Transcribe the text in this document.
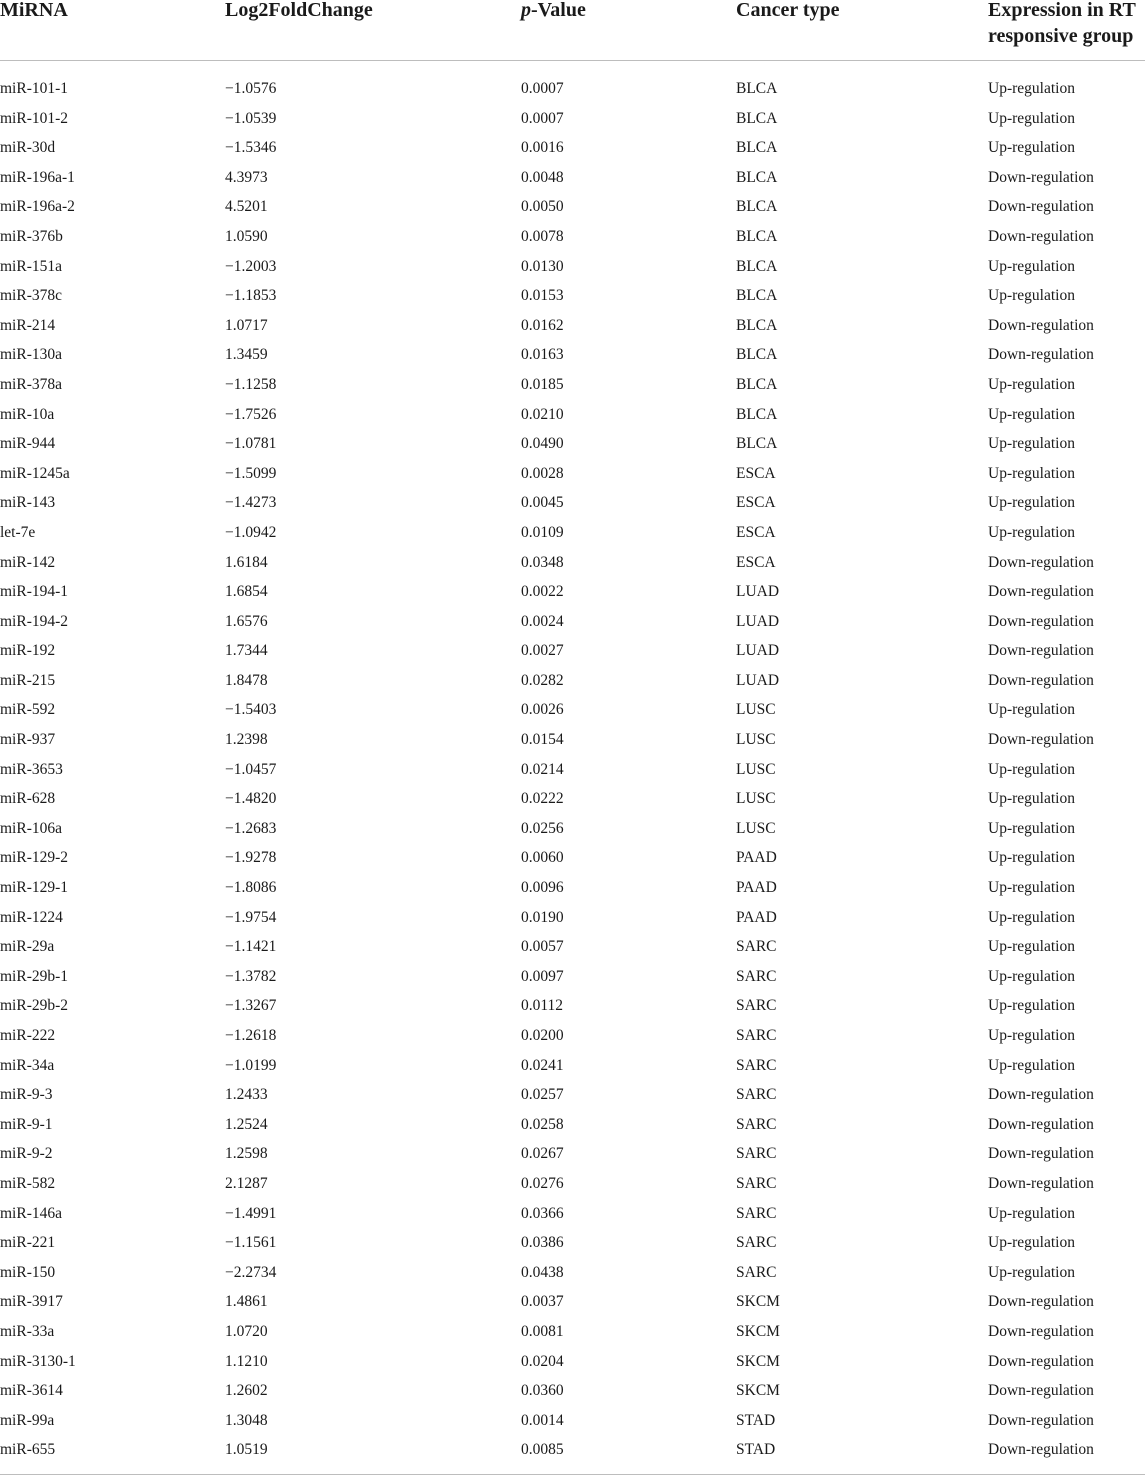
MiRNA	Log2FoldChange	p-Value	Cancer type	Expression in RT
responsive group
miR-101-1	−1.0576	0.0007	BLCA	Up-regulation
miR-101-2	−1.0539	0.0007	BLCA	Up-regulation
miR-30d	−1.5346	0.0016	BLCA	Up-regulation
miR-196a-1	4.3973	0.0048	BLCA	Down-regulation
miR-196a-2	4.5201	0.0050	BLCA	Down-regulation
miR-376b	1.0590	0.0078	BLCA	Down-regulation
miR-151a	−1.2003	0.0130	BLCA	Up-regulation
miR-378c	−1.1853	0.0153	BLCA	Up-regulation
miR-214	1.0717	0.0162	BLCA	Down-regulation
miR-130a	1.3459	0.0163	BLCA	Down-regulation
miR-378a	−1.1258	0.0185	BLCA	Up-regulation
miR-10a	−1.7526	0.0210	BLCA	Up-regulation
miR-944	−1.0781	0.0490	BLCA	Up-regulation
miR-1245a	−1.5099	0.0028	ESCA	Up-regulation
miR-143	−1.4273	0.0045	ESCA	Up-regulation
let-7e	−1.0942	0.0109	ESCA	Up-regulation
miR-142	1.6184	0.0348	ESCA	Down-regulation
miR-194-1	1.6854	0.0022	LUAD	Down-regulation
miR-194-2	1.6576	0.0024	LUAD	Down-regulation
miR-192	1.7344	0.0027	LUAD	Down-regulation
miR-215	1.8478	0.0282	LUAD	Down-regulation
miR-592	−1.5403	0.0026	LUSC	Up-regulation
miR-937	1.2398	0.0154	LUSC	Down-regulation
miR-3653	−1.0457	0.0214	LUSC	Up-regulation
miR-628	−1.4820	0.0222	LUSC	Up-regulation
miR-106a	−1.2683	0.0256	LUSC	Up-regulation
miR-129-2	−1.9278	0.0060	PAAD	Up-regulation
miR-129-1	−1.8086	0.0096	PAAD	Up-regulation
miR-1224	−1.9754	0.0190	PAAD	Up-regulation
miR-29a	−1.1421	0.0057	SARC	Up-regulation
miR-29b-1	−1.3782	0.0097	SARC	Up-regulation
miR-29b-2	−1.3267	0.0112	SARC	Up-regulation
miR-222	−1.2618	0.0200	SARC	Up-regulation
miR-34a	−1.0199	0.0241	SARC	Up-regulation
miR-9-3	1.2433	0.0257	SARC	Down-regulation
miR-9-1	1.2524	0.0258	SARC	Down-regulation
miR-9-2	1.2598	0.0267	SARC	Down-regulation
miR-582	2.1287	0.0276	SARC	Down-regulation
miR-146a	−1.4991	0.0366	SARC	Up-regulation
miR-221	−1.1561	0.0386	SARC	Up-regulation
miR-150	−2.2734	0.0438	SARC	Up-regulation
miR-3917	1.4861	0.0037	SKCM	Down-regulation
miR-33a	1.0720	0.0081	SKCM	Down-regulation
miR-3130-1	1.1210	0.0204	SKCM	Down-regulation
miR-3614	1.2602	0.0360	SKCM	Down-regulation
miR-99a	1.3048	0.0014	STAD	Down-regulation
miR-655	1.0519	0.0085	STAD	Down-regulation
